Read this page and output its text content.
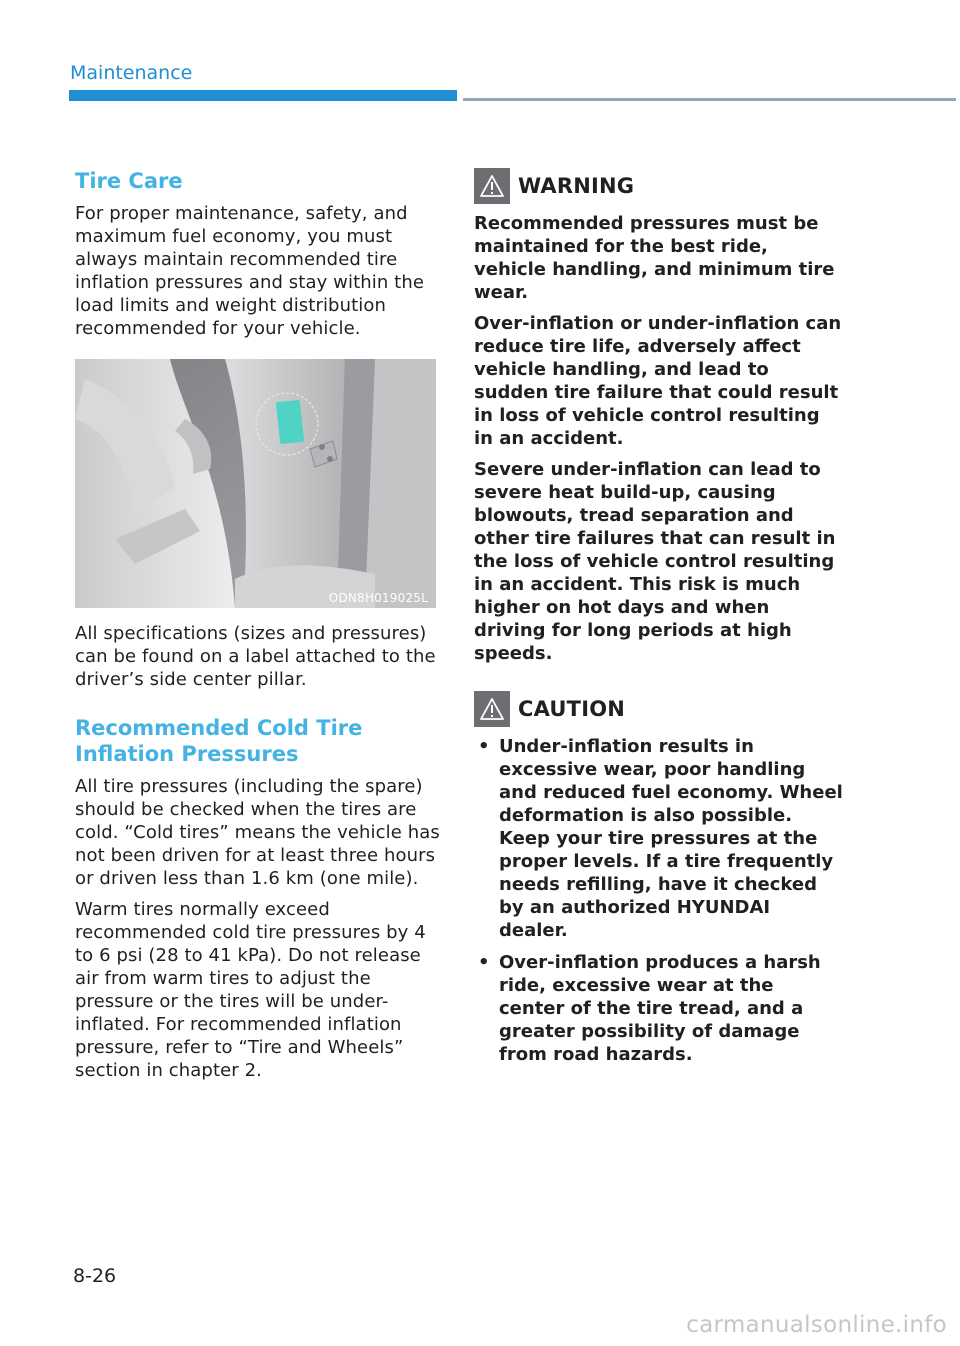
Maintenance
Tire Care

For proper maintenance, safety, and maximum fuel economy, you must always maintain recommended tire inflation pressures and stay within the load limits and weight distribution recommended for your vehicle.

ODN8H019025L

All specifications (sizes and pressures) can be found on a label attached to the driver’s side center pillar.

Recommended Cold Tire
Inflation Pressures

All tire pressures (including the spare) should be checked when the tires are cold. “Cold tires” means the vehicle has not been driven for at least three hours or driven less than 1.6 km (one mile).

Warm tires normally exceed recommended cold tire pressures by 4 to 6 psi (28 to 41 kPa). Do not release air from warm tires to adjust the pressure or the tires will be under-inflated. For recommended inflation pressure, refer to “Tire and Wheels” section in chapter 2.

WARNING

Recommended pressures must be maintained for the best ride, vehicle handling, and minimum tire wear.

Over-inflation or under-inflation can reduce tire life, adversely affect vehicle handling, and lead to sudden tire failure that could result in loss of vehicle control resulting in an accident.

Severe under-inflation can lead to severe heat build-up, causing blowouts, tread separation and other tire failures that can result in the loss of vehicle control resulting in an accident. This risk is much higher on hot days and when driving for long periods at high speeds.

CAUTION
• Under-inflation results in excessive wear, poor handling and reduced fuel economy. Wheel deformation is also possible. Keep your tire pressures at the proper levels. If a tire frequently needs refilling, have it checked by an authorized HYUNDAI dealer.
• Over-inflation produces a harsh ride, excessive wear at the center of the tire tread, and a greater possibility of damage from road hazards.
8-26
carmanualsonline.info
